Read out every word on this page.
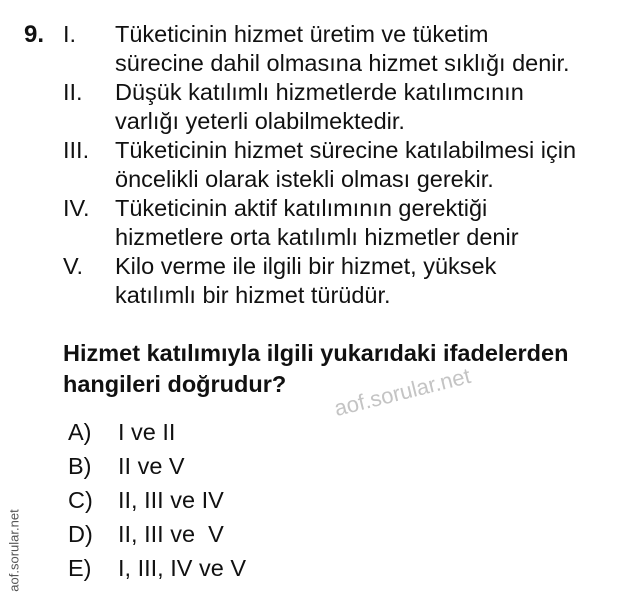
9. I.	Tüketicinin hizmet üretim ve tüketim
sürecine dahil olmasına hizmet sıklığı denir.
II.	Düşük katılımlı hizmetlerde katılımcının
varlığı yeterli olabilmektedir.
III.	Tüketicinin hizmet sürecine katılabilmesi için
öncelikli olarak istekli olması gerekir.
IV.	Tüketicinin aktif katılımının gerektiği
hizmetlere orta katılımlı hizmetler denir
V.	Kilo verme ile ilgili bir hizmet, yüksek
katılımlı bir hizmet türüdür.
Hizmet katılımıyla ilgili yukarıdaki ifadelerden
hangileri doğrudur?	aof.sorular.net
A)	I ve II
B)	II ve V
C)	II, III ve IV
D)	II, III ve  V
E)	I, III, IV ve V
aof.sorular.net
